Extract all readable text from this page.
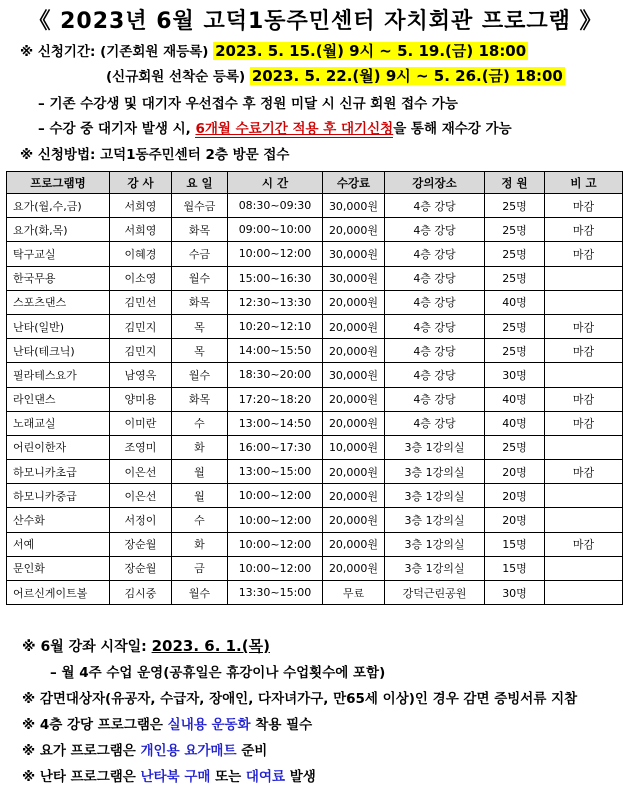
《 2023년 6월 고덕1동주민센터 자치회관 프로그램 》
※ 신청기간: (기존회원 재등록) 2023. 5. 15.(월) 9시 ~ 5. 19.(금) 18:00
(신규회원 선착순 등록) 2023. 5. 22.(월) 9시 ~ 5. 26.(금) 18:00
– 기존 수강생 및 대기자 우선접수 후 정원 미달 시 신규 회원 접수 가능
– 수강 중 대기자 발생 시, 6개월 수료기간 적용 후 대기신청을 통해 재수강 가능
※ 신청방법: 고덕1동주민센터 2층 방문 접수
프로그램명	강 사	요 일	시 간	수강료	강의장소	정 원	비 고
요가(월,수,금)	서희영	월수금	08:30~09:30	30,000원	4층 강당	25명	마감
요가(화,목)	서희영	화목	09:00~10:00	20,000원	4층 강당	25명	마감
탁구교실	이혜경	수금	10:00~12:00	30,000원	4층 강당	25명	마감
한국무용	이소영	월수	15:00~16:30	30,000원	4층 강당	25명	
스포츠댄스	김민선	화목	12:30~13:30	20,000원	4층 강당	40명	
난타(일반)	김민지	목	10:20~12:10	20,000원	4층 강당	25명	마감
난타(테크닉)	김민지	목	14:00~15:50	20,000원	4층 강당	25명	마감
필라테스요가	남영옥	월수	18:30~20:00	30,000원	4층 강당	30명	
라인댄스	양미용	화목	17:20~18:20	20,000원	4층 강당	40명	마감
노래교실	이미란	수	13:00~14:50	20,000원	4층 강당	40명	마감
어린이한자	조영미	화	16:00~17:30	10,000원	3층 1강의실	25명	
하모니카초급	이은선	월	13:00~15:00	20,000원	3층 1강의실	20명	마감
하모니카중급	이은선	월	10:00~12:00	20,000원	3층 1강의실	20명	
산수화	서정이	수	10:00~12:00	20,000원	3층 1강의실	20명	
서예	장순월	화	10:00~12:00	20,000원	3층 1강의실	15명	마감
문인화	장순월	금	10:00~12:00	20,000원	3층 1강의실	15명	
어르신게이트볼	김시중	월수	13:30~15:00	무료	강덕근린공원	30명	
※ 6월 강좌 시작일: 2023. 6. 1.(목)
– 월 4주 수업 운영(공휴일은 휴강이나 수업횟수에 포함)
※ 감면대상자(유공자, 수급자, 장애인, 다자녀가구, 만65세 이상)인 경우 감면 증빙서류 지참
※ 4층 강당 프로그램은 실내용 운동화 착용 필수
※ 요가 프로그램은 개인용 요가매트 준비
※ 난타 프로그램은 난타북 구매 또는 대여료 발생
